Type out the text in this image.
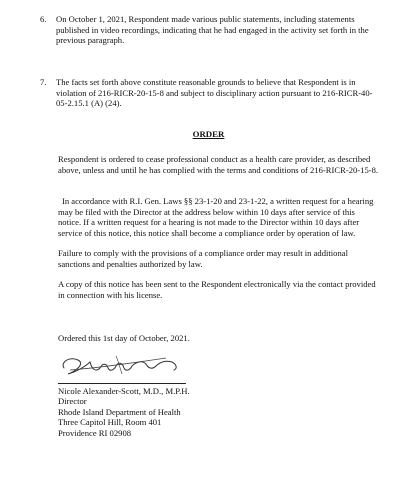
6.	On October 1, 2021, Respondent made various public statements, including statements published in video recordings, indicating that he had engaged in the activity set forth in the previous paragraph.
7.	The facts set forth above constitute reasonable grounds to believe that Respondent is in violation of 216-RICR-20-15-8 and subject to disciplinary action pursuant to 216-RICR-40-05-2.15.1 (A) (24).
ORDER
Respondent is ordered to cease professional conduct as a health care provider, as described above, unless and until he has complied with the terms and conditions of 216-RICR-20-15-8.
In accordance with R.I. Gen. Laws §§ 23-1-20 and 23-1-22, a written request for a hearing may be filed with the Director at the address below within 10 days after service of this notice. If a written request for a hearing is not made to the Director within 10 days after service of this notice, this notice shall become a compliance order by operation of law.
Failure to comply with the provisions of a compliance order may result in additional sanctions and penalties authorized by law.
A copy of this notice has been sent to the Respondent electronically via the contact provided in connection with his license.
Ordered this 1st day of October, 2021.
Nicole Alexander-Scott, M.D., M.P.H.
Director
Rhode Island Department of Health
Three Capitol Hill, Room 401
Providence RI 02908
